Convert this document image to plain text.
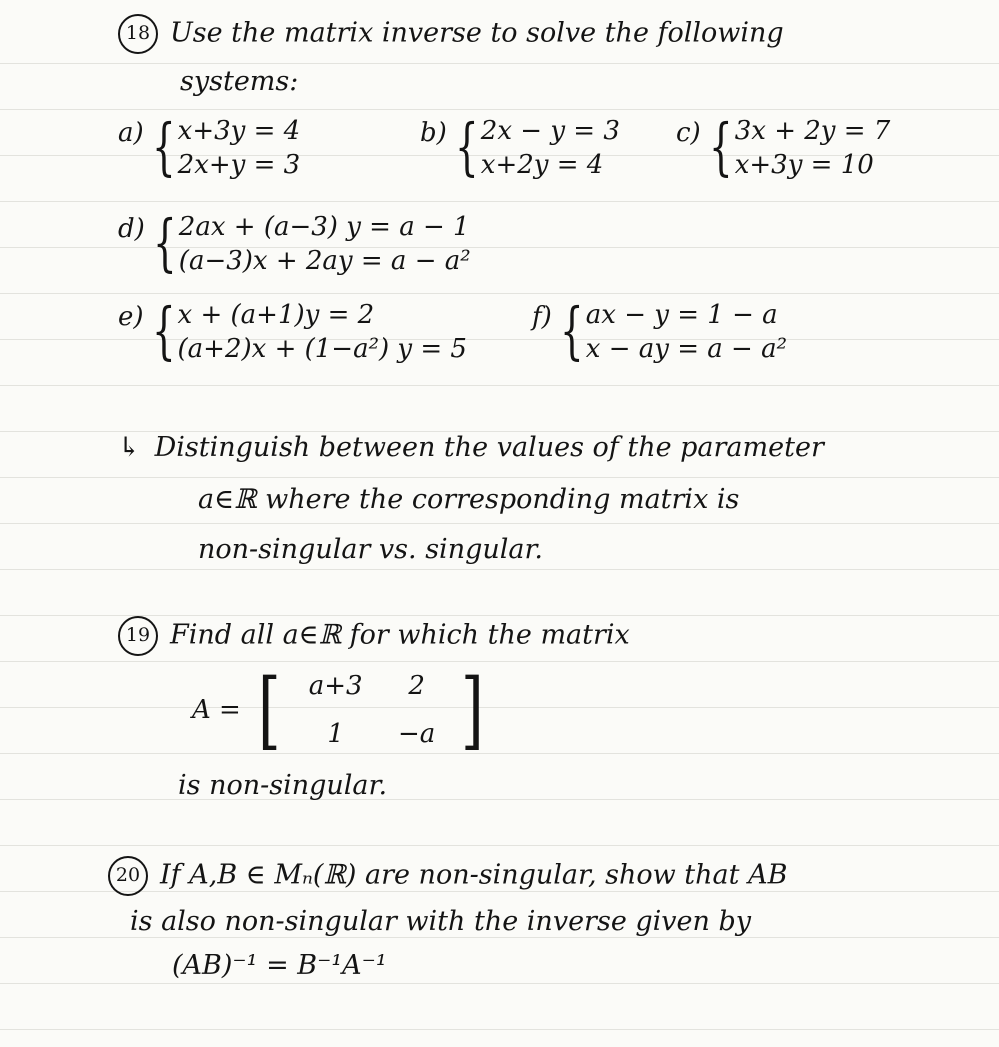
18 Use the matrix inverse to solve the following
systems:
a) { x+3y = 4
2x+y = 3
b) { 2x − y = 3
x+2y = 4
c) { 3x + 2y = 7
x+3y = 10
d) { 2ax + (a−3) y = a − 1
(a−3)x + 2ay = a − a²
e) { x + (a+1)y = 2
(a+2)x + (1−a²) y = 5
f) { ax − y = 1 − a
x − ay = a − a²
↳ Distinguish between the values of the parameter
a∈ℝ where the corresponding matrix is
non-singular vs. singular.
19 Find all a∈ℝ for which the matrix
A = [	a+3	2
1	−a ]
is non-singular.
20 If A,B ∈ Mₙ(ℝ) are non-singular, show that AB
is also non-singular with the inverse given by
(AB)⁻¹ = B⁻¹A⁻¹
